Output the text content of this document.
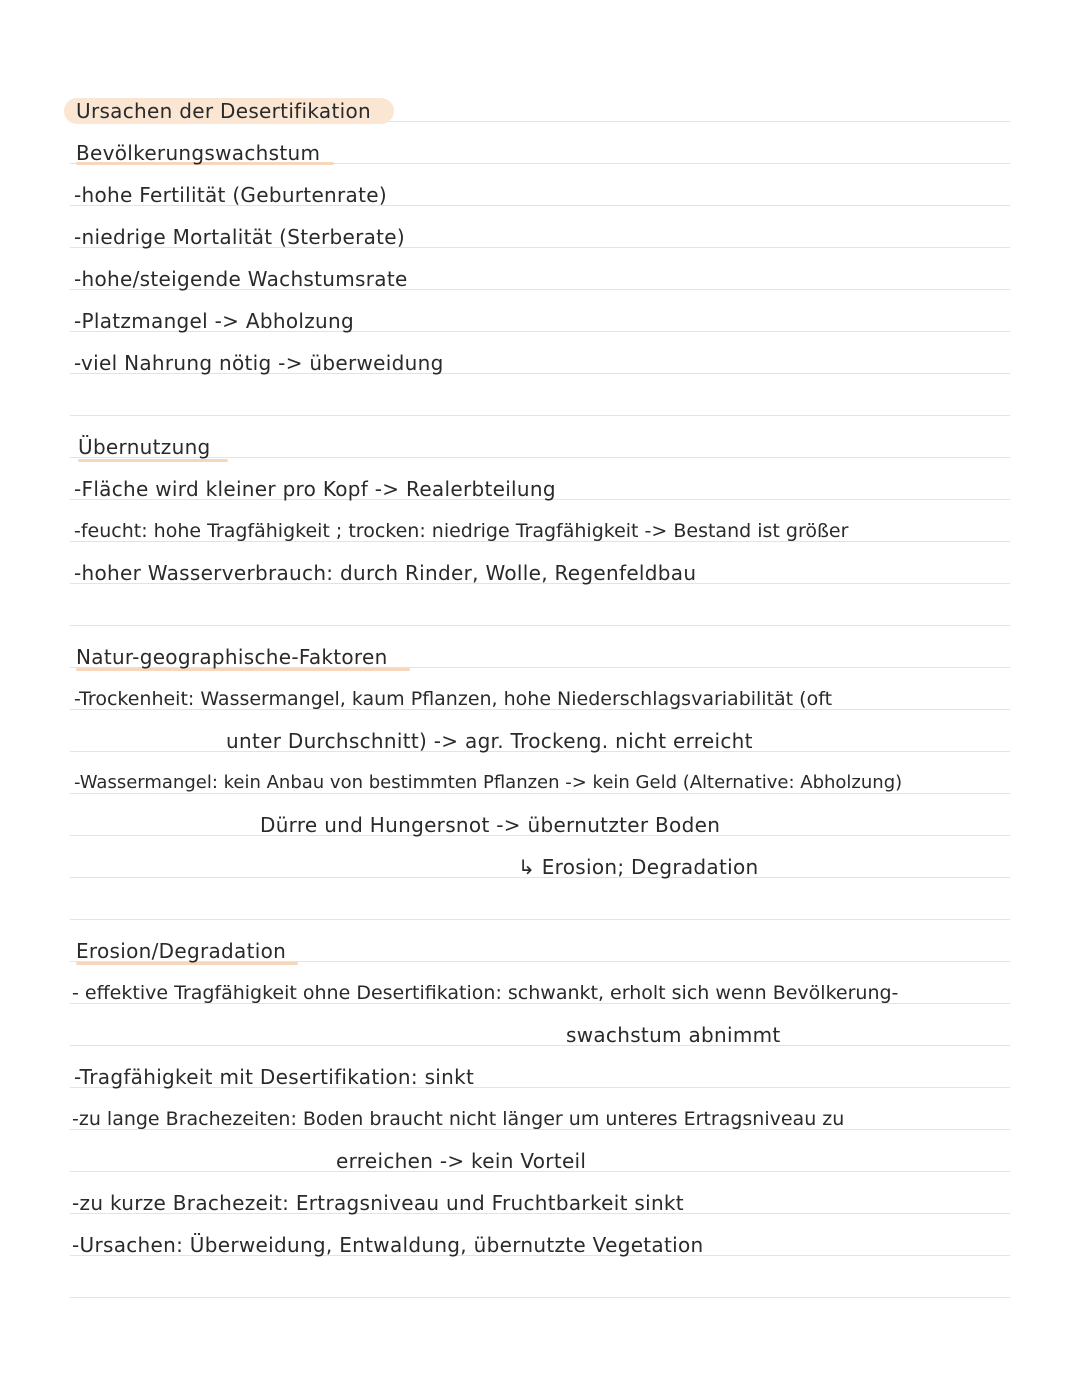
Ursachen der Desertifikation
Bevölkerungswachstum
-hohe Fertilität (Geburtenrate)
-niedrige Mortalität (Sterberate)
-hohe/steigende Wachstumsrate
-Platzmangel -> Abholzung
-viel Nahrung nötig -> überweidung
Übernutzung
-Fläche wird kleiner pro Kopf -> Realerbteilung
-feucht: hohe Tragfähigkeit ; trocken: niedrige Tragfähigkeit -> Bestand ist größer
-hoher Wasserverbrauch: durch Rinder, Wolle, Regenfeldbau
Natur-geographische-Faktoren
-Trockenheit: Wassermangel, kaum Pflanzen, hohe Niederschlagsvariabilität (oft
unter Durchschnitt) -> agr. Trockeng. nicht erreicht
-Wassermangel: kein Anbau von bestimmten Pflanzen -> kein Geld (Alternative: Abholzung)
Dürre und Hungersnot -> übernutzter Boden
↳ Erosion; Degradation
Erosion/Degradation
- effektive Tragfähigkeit ohne Desertifikation: schwankt, erholt sich wenn Bevölkerung-
swachstum abnimmt
-Tragfähigkeit mit Desertifikation: sinkt
-zu lange Brachezeiten: Boden braucht nicht länger um unteres Ertragsniveau zu
erreichen -> kein Vorteil
-zu kurze Brachezeit: Ertragsniveau und Fruchtbarkeit sinkt
-Ursachen: Überweidung, Entwaldung, übernutzte Vegetation
